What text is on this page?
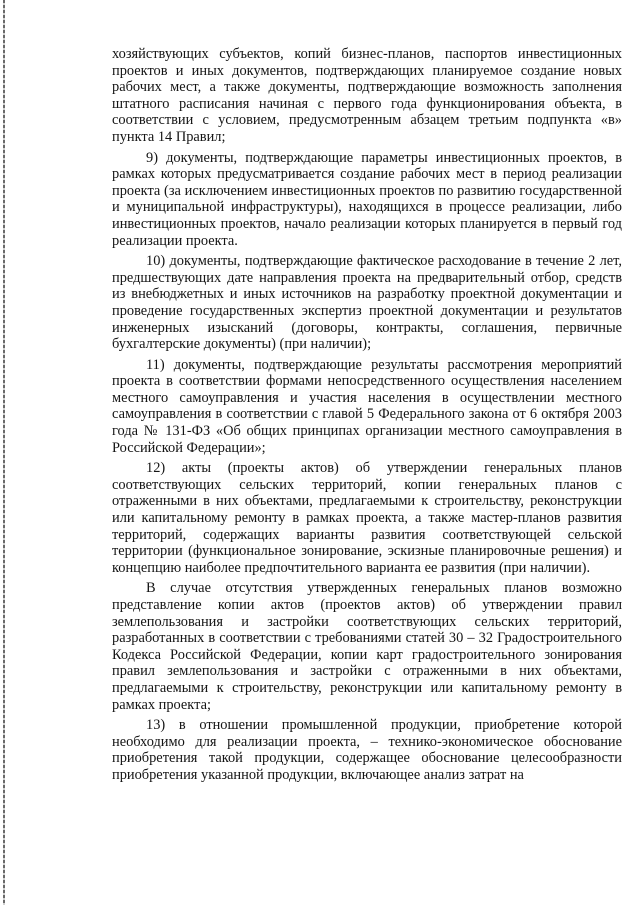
хозяйствующих субъектов, копий бизнес-планов, паспортов инвестиционных проектов и иных документов, подтверждающих планируемое создание новых рабочих мест, а также документы, подтверждающие возможность заполнения штатного расписания начиная с первого года функционирования объекта, в соответствии с условием, предусмотренным абзацем третьим подпункта «в» пункта 14 Правил;

9) документы, подтверждающие параметры инвестиционных проектов, в рамках которых предусматривается создание рабочих мест в период реализации проекта (за исключением инвестиционных проектов по развитию государственной и муниципальной инфраструктуры), находящихся в процессе реализации, либо инвестиционных проектов, начало реализации которых планируется в первый год реализации проекта.

10) документы, подтверждающие фактическое расходование в течение 2 лет, предшествующих дате направления проекта на предварительный отбор, средств из внебюджетных и иных источников на разработку проектной документации и проведение государственных экспертиз проектной документации и результатов инженерных изысканий (договоры, контракты, соглашения, первичные бухгалтерские документы) (при наличии);

11) документы, подтверждающие результаты рассмотрения мероприятий проекта в соответствии формами непосредственного осуществления населением местного самоуправления и участия населения в осуществлении местного самоуправления в соответствии с главой 5 Федерального закона от 6 октября 2003 года № 131-ФЗ «Об общих принципах организации местного самоуправления в Российской Федерации»;

12) акты (проекты актов) об утверждении генеральных планов соответствующих сельских территорий, копии генеральных планов с отраженными в них объектами, предлагаемыми к строительству, реконструкции или капитальному ремонту в рамках проекта, а также мастер-планов развития территорий, содержащих варианты развития соответствующей сельской территории (функциональное зонирование, эскизные планировочные решения) и концепцию наиболее предпочтительного варианта ее развития (при наличии).

В случае отсутствия утвержденных генеральных планов возможно представление копии актов (проектов актов) об утверждении правил землепользования и застройки соответствующих сельских территорий, разработанных в соответствии с требованиями статей 30 – 32 Градостроительного Кодекса Российской Федерации, копии карт градостроительного зонирования правил землепользования и застройки с отраженными в них объектами, предлагаемыми к строительству, реконструкции или капитальному ремонту в рамках проекта;

13) в отношении промышленной продукции, приобретение которой необходимо для реализации проекта, – технико-экономическое обоснование приобретения такой продукции, содержащее обоснование целесообразности приобретения указанной продукции, включающее анализ затрат на
